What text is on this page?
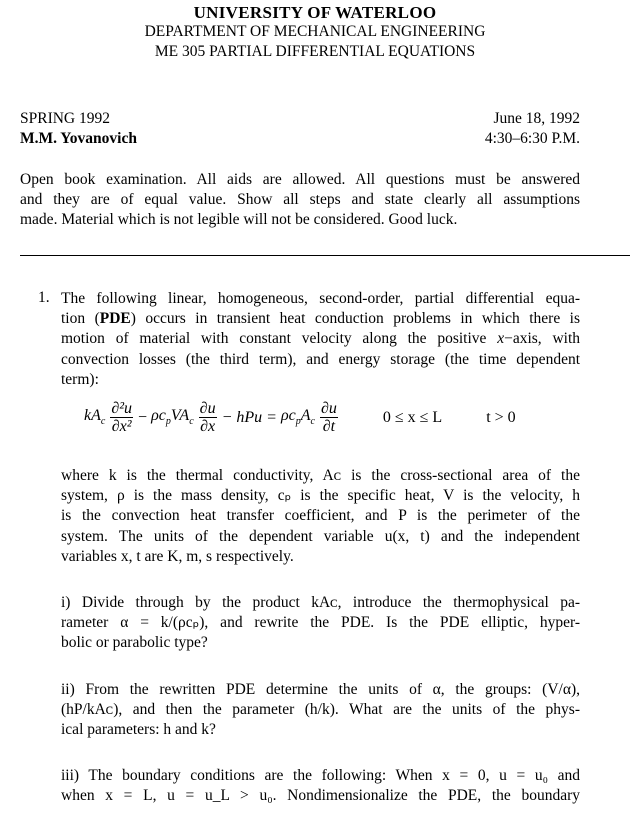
UNIVERSITY OF WATERLOO
DEPARTMENT OF MECHANICAL ENGINEERING
ME 305 PARTIAL DIFFERENTIAL EQUATIONS
SPRING 1992
M.M. Yovanovich
June 18, 1992
4:30–6:30 P.M.
Open book examination. All aids are allowed. All questions must be answered
and they are of equal value. Show all steps and state clearly all assumptions
made. Material which is not legible will not be considered. Good luck.
1. The following linear, homogeneous, second-order, partial differential equa-
tion (PDE) occurs in transient heat conduction problems in which there is
motion of material with constant velocity along the positive x−axis, with
convection losses (the third term), and energy storage (the time dependent
term):
$kA_c \frac{\text{∂²u}}{\text{∂x²}} - \rho c_pVA_c \frac{\partial u}{\partial x}$ − hPu = $\rho c_pA_c \frac{\partial u}{\partial t}$	0 ≤ x ≤ L	t > 0
where k is the thermal conductivity, Aᴄ is the cross-sectional area of the
system, ρ is the mass density, cₚ is the specific heat, V is the velocity, h
is the convection heat transfer coefficient, and P is the perimeter of the
system. The units of the dependent variable u(x, t) and the independent
variables x, t are K, m, s respectively.
i) Divide through by the product kAᴄ, introduce the thermophysical pa-
rameter α = k/(ρcₚ), and rewrite the PDE. Is the PDE elliptic, hyper-
bolic or parabolic type?
ii) From the rewritten PDE determine the units of α, the groups: (V/α),
(hP/kAᴄ), and then the parameter (h/k). What are the units of the phys-
ical parameters: h and k?
iii) The boundary conditions are the following: When x = 0, u = u₀ and
when x = L, u = u_L > u₀. Nondimensionalize the PDE, the boundary
